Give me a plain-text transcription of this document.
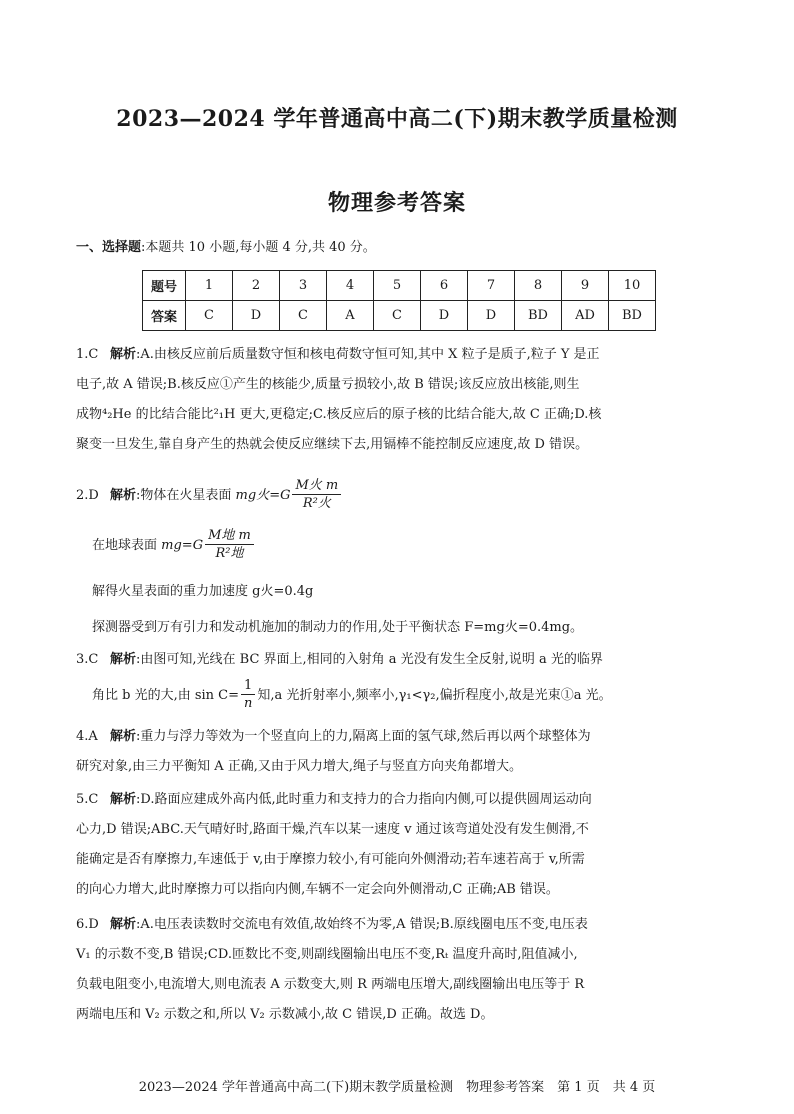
2023—2024 学年普通高中高二(下)期末教学质量检测
物理参考答案
一、选择题:本题共 10 小题,每小题 4 分,共 40 分。
题号	1	2	3	4	5	6	7	8	9	10
答案	C	D	C	A	C	D	D	BD	AD	BD
1.C 解析:A.由核反应前后质量数守恒和核电荷数守恒可知,其中 X 粒子是质子,粒子 Y 是正
电子,故 A 错误;B.核反应①产生的核能少,质量亏损较小,故 B 错误;该反应放出核能,则生
成物⁴₂He 的比结合能比²₁H 更大,更稳定;C.核反应后的原子核的比结合能大,故 C 正确;D.核
聚变一旦发生,靠自身产生的热就会使反应继续下去,用镉棒不能控制反应速度,故 D 错误。
2.D 解析:物体在火星表面 mg火$=G \frac{\text{M火 m}}{\text{R²火}}$
在地球表面 $mg=G \frac{\text{M地 m}}{\text{R²地}}$
解得火星表面的重力加速度 g火=0.4g
探测器受到万有引力和发动机施加的制动力的作用,处于平衡状态 F=mg火=0.4mg。
3.C 解析:由图可知,光线在 BC 界面上,相同的入射角 a 光没有发生全反射,说明 a 光的临界
角比 b 光的大,由 $\sin C= \frac{1}{n}$ 知,a 光折射率小,频率小,γ₁<γ₂,偏折程度小,故是光束①a 光。
4.A 解析:重力与浮力等效为一个竖直向上的力,隔离上面的氢气球,然后再以两个球整体为
研究对象,由三力平衡知 A 正确,又由于风力增大,绳子与竖直方向夹角都增大。
5.C 解析:D.路面应建成外高内低,此时重力和支持力的合力指向内侧,可以提供圆周运动向
心力,D 错误;ABC.天气晴好时,路面干燥,汽车以某一速度 v 通过该弯道处没有发生侧滑,不
能确定是否有摩擦力,车速低于 v,由于摩擦力较小,有可能向外侧滑动;若车速若高于 v,所需
的向心力增大,此时摩擦力可以指向内侧,车辆不一定会向外侧滑动,C 正确;AB 错误。
6.D 解析:A.电压表读数时交流电有效值,故始终不为零,A 错误;B.原线圈电压不变,电压表
V₁ 的示数不变,B 错误;CD.匝数比不变,则副线圈输出电压不变,Rₜ 温度升高时,阻值减小,
负载电阻变小,电流增大,则电流表 A 示数变大,则 R 两端电压增大,副线圈输出电压等于 R
两端电压和 V₂ 示数之和,所以 V₂ 示数减小,故 C 错误,D 正确。故选 D。
2023—2024 学年普通高中高二(下)期末教学质量检测　物理参考答案　第 1 页　共 4 页
